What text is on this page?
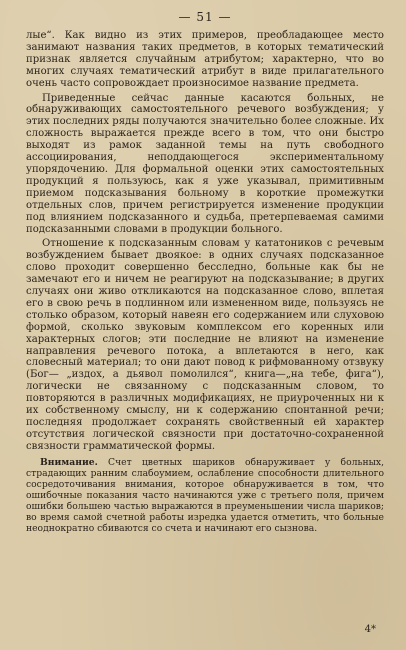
— 51 —

лые“. Как видно из этих примеров, преобладающее место занимают названия таких предметов, в которых тематический признак является случайным атрибутом; характерно, что во многих случаях тематический атрибут в виде прилагательного очень часто сопровождает произносимое название предмета.

Приведенные сейчас данные касаются больных, не обнаруживающих самостоятельного речевого возбуждения; у этих последних ряды получаются значительно более сложные. Их сложность выражается прежде всего в том, что они быстро выходят из рамок заданной темы на путь свободного ассоциирования, неподдающегося экспериментальному упорядочению. Для формальной оценки этих самостоятельных продукций я пользуюсь, как я уже указывал, примитивным приемом подсказывания больному в короткие промежутки отдельных слов, причем регистрируется изменение продукции под влиянием подсказанного и судьба, претерпеваемая самими подсказанными словами в продукции больного.

Отношение к подсказанным словам у кататоников с речевым возбуждением бывает двоякое: в одних случаях подсказанное слово проходит совершенно бесследно, больные как бы не замечают его и ничем не реагируют на подсказывание; в других случаях они живо откликаются на подсказанное слово, вплетая его в свою речь в подлинном или измененном виде, пользуясь не столько образом, который навеян его содержанием или слуховою формой, сколько звуковым комплексом его коренных или характерных слогов; эти последние не влияют на изменение направления речевого потока, а вплетаются в него, как словесный материал; то они дают повод к рифмованному отзвуку (Бог— „издох, а дьявол помолился“, книга—„на тебе, фига“), логически не связанному с подсказанным словом, то повторяются в различных модификациях, не приуроченных ни к их собственному смыслу, ни к содержанию спонтанной речи; последняя продолжает сохранять свойственный ей характер отсутствия логической связности при достаточно-сохраненной связности грамматической формы.

Внимание. Счет цветных шариков обнаруживает у больных, страдающих ранним слабоумием, ослабление способности длительного сосредоточивания внимания, которое обнаруживается в том, что ошибочные показания часто начинаются уже с третьего поля, причем ошибки большею частью выражаются в преуменьшении числа шариков; во время самой счетной работы изредка удается отметить, что больные неоднократно сбиваются со счета и начинают его сызнова.
4*
